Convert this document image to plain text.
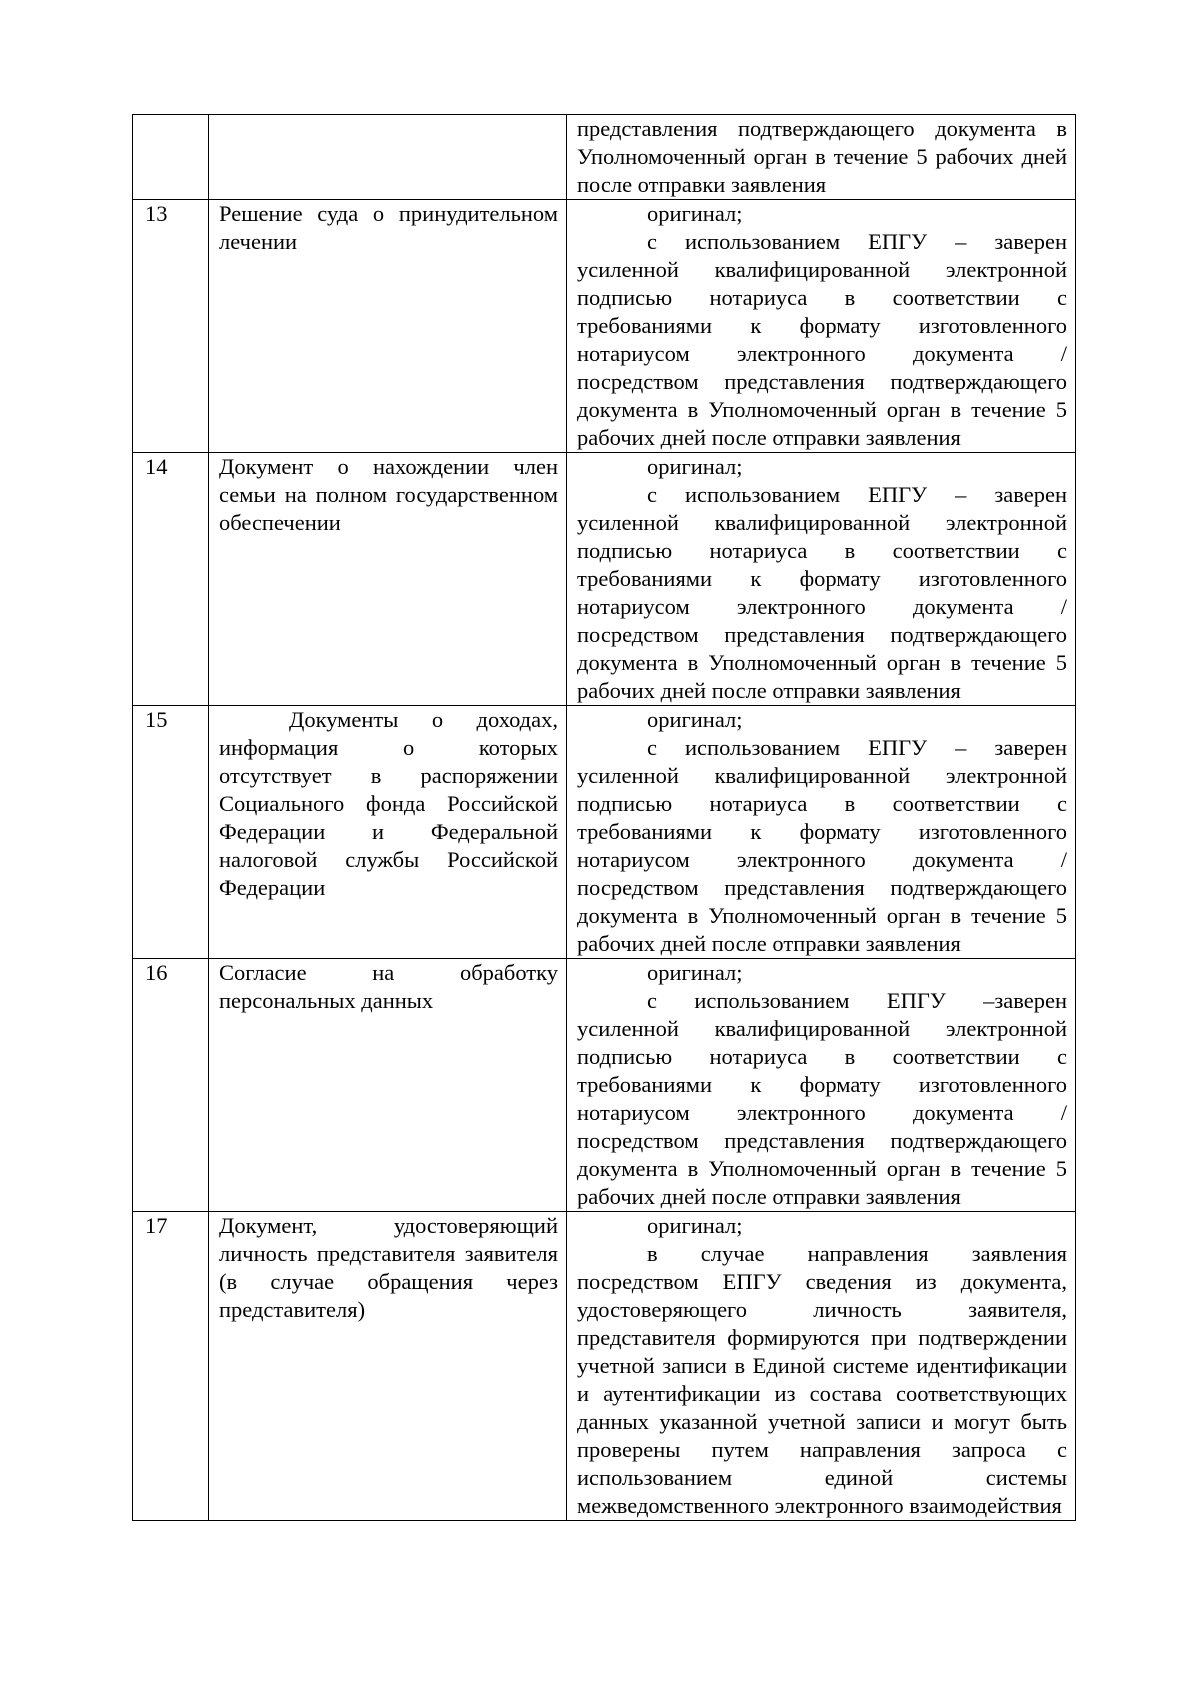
		представления подтверждающего документа в Уполномоченный орган в течение 5 рабочих дней после отправки заявления

13	Решение суда о принудительном лечении	оригинал;

с использованием ЕПГУ – заверен усиленной квалифицированной электронной подписью нотариуса в соответствии с требованиями к формату изготовленного нотариусом электронного документа / посредством представления подтверждающего документа в Уполномоченный орган в течение 5 рабочих дней после отправки заявления

14	Документ о нахождении член семьи на полном государственном обеспечении	оригинал;

с использованием ЕПГУ – заверен усиленной квалифицированной электронной подписью нотариуса в соответствии с требованиями к формату изготовленного нотариусом электронного документа / посредством представления подтверждающего документа в Уполномоченный орган в течение 5 рабочих дней после отправки заявления

15	Документы о доходах, информация о которых отсутствует в распоряжении Социального фонда Российской Федерации и Федеральной налоговой службы Российской Федерации	оригинал;

с использованием ЕПГУ – заверен усиленной квалифицированной электронной подписью нотариуса в соответствии с требованиями к формату изготовленного нотариусом электронного документа / посредством представления подтверждающего документа в Уполномоченный орган в течение 5 рабочих дней после отправки заявления

16	Согласие на обработку персональных данных	оригинал;

с использованием ЕПГУ –заверен усиленной квалифицированной электронной подписью нотариуса в соответствии с требованиями к формату изготовленного нотариусом электронного документа / посредством представления подтверждающего документа в Уполномоченный орган в течение 5 рабочих дней после отправки заявления

17	Документ, удостоверяющий личность представителя заявителя (в случае обращения через представителя)	оригинал;

в случае направления заявления посредством ЕПГУ сведения из документа, удостоверяющего личность заявителя, представителя формируются при подтверждении учетной записи в Единой системе идентификации и аутентификации из состава соответствующих данных указанной учетной записи и могут быть проверены путем направления запроса с использованием единой системы межведомственного электронного взаимодействия
